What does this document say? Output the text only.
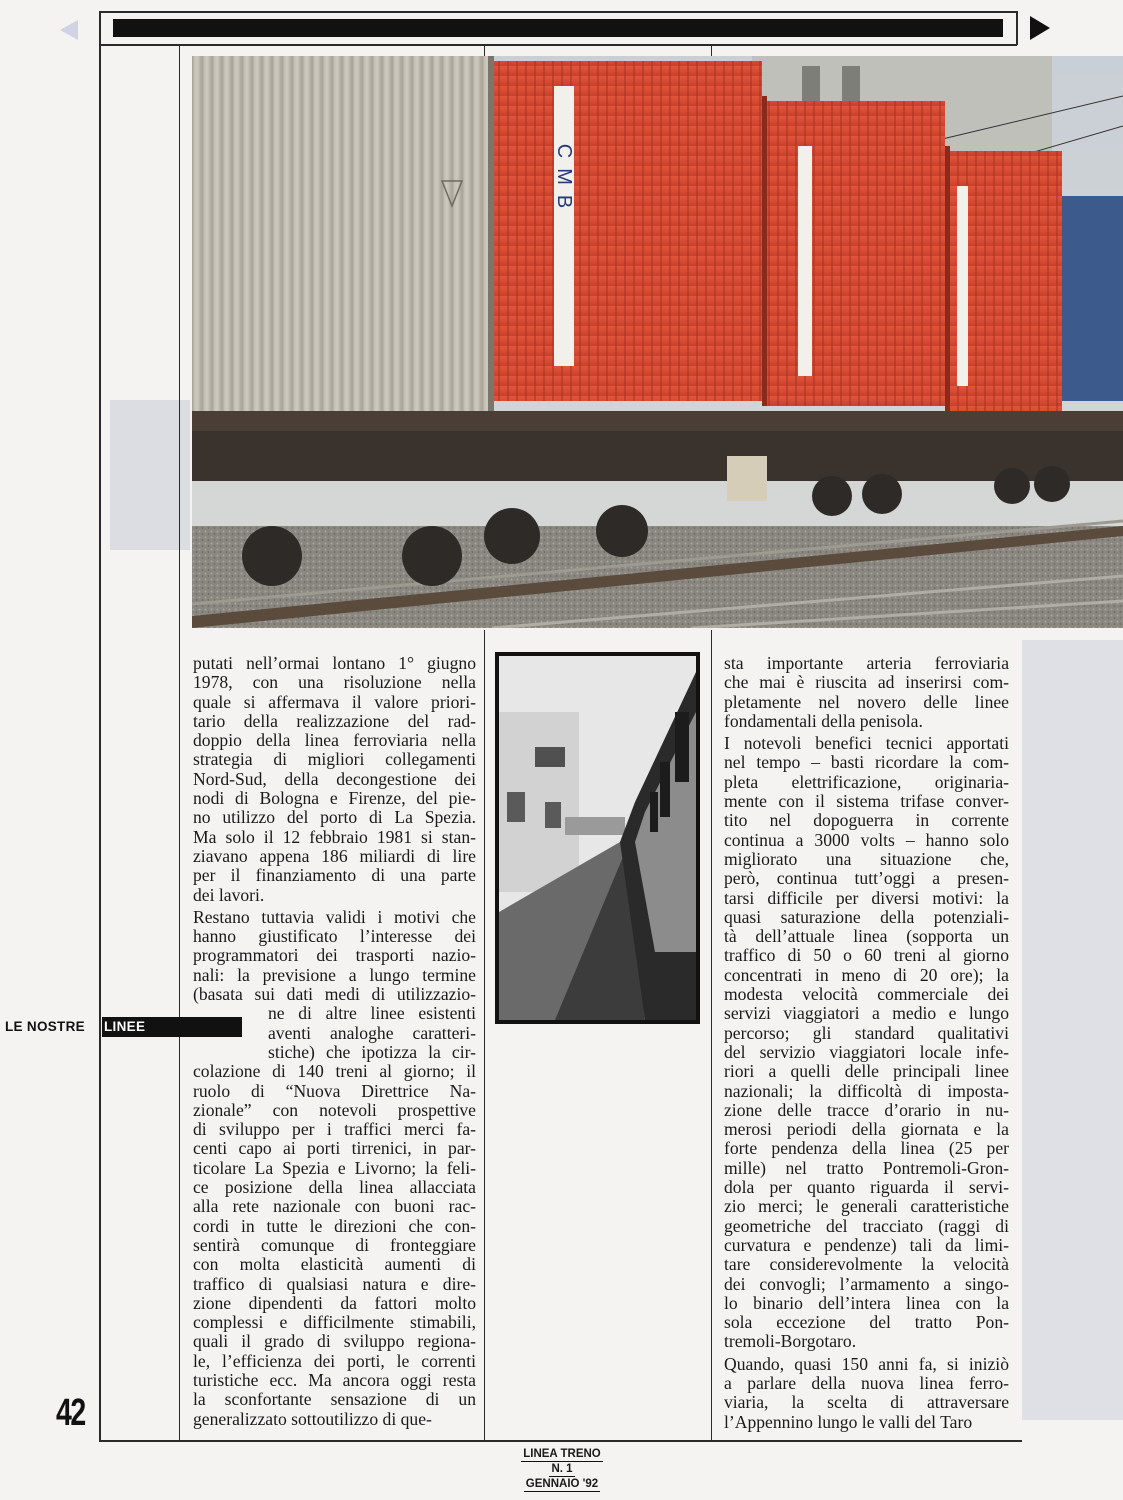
CMB
putati nell’ormai lontano 1° giugno
1978, con una risoluzione nella
quale si affermava il valore priori-
tario della realizzazione del rad-
doppio della linea ferroviaria nella
strategia di migliori collegamenti
Nord-Sud, della decongestione dei
nodi di Bologna e Firenze, del pie-
no utilizzo del porto di La Spezia.
Ma solo il 12 febbraio 1981 si stan-
ziavano appena 186 miliardi di lire
per il finanziamento di una parte
dei lavori.
Restano tuttavia validi i motivi che
hanno giustificato l’interesse dei
programmatori dei trasporti nazio-
nali: la previsione a lungo termine
(basata sui dati medi di utilizzazio-
ne di altre linee esistenti
aventi analoghe caratteri-
stiche) che ipotizza la cir-
colazione di 140 treni al giorno; il
ruolo di “Nuova Direttrice Na-
zionale” con notevoli prospettive
di sviluppo per i traffici merci fa-
centi capo ai porti tirrenici, in par-
ticolare La Spezia e Livorno; la feli-
ce posizione della linea allacciata
alla rete nazionale con buoni rac-
cordi in tutte le direzioni che con-
sentirà comunque di fronteggiare
con molta elasticità aumenti di
traffico di qualsiasi natura e dire-
zione dipendenti da fattori molto
complessi e difficilmente stimabili,
quali il grado di sviluppo regiona-
le, l’efficienza dei porti, le correnti
turistiche ecc. Ma ancora oggi resta
la sconfortante sensazione di un
generalizzato sottoutilizzo di que-
sta importante arteria ferroviaria
che mai è riuscita ad inserirsi com-
pletamente nel novero delle linee
fondamentali della penisola.
I notevoli benefici tecnici apportati
nel tempo – basti ricordare la com-
pleta elettrificazione, originaria-
mente con il sistema trifase conver-
tito nel dopoguerra in corrente
continua a 3000 volts – hanno solo
migliorato una situazione che,
però, continua tutt’oggi a presen-
tarsi difficile per diversi motivi: la
quasi saturazione della potenziali-
tà dell’attuale linea (sopporta un
traffico di 50 o 60 treni al giorno
concentrati in meno di 20 ore); la
modesta velocità commerciale dei
servizi viaggiatori a medio e lungo
percorso; gli standard qualitativi
del servizio viaggiatori locale infe-
riori a quelli delle principali linee
nazionali; la difficoltà di imposta-
zione delle tracce d’orario in nu-
merosi periodi della giornata e la
forte pendenza della linea (25 per
mille) nel tratto Pontremoli-Gron-
dola per quanto riguarda il servi-
zio merci; le generali caratteristiche
geometriche del tracciato (raggi di
curvatura e pendenze) tali da limi-
tare considerevolmente la velocità
dei convogli; l’armamento a singo-
lo binario dell’intera linea con la
sola eccezione del tratto Pon-
tremoli-Borgotaro.
Quando, quasi 150 anni fa, si iniziò
a parlare della nuova linea ferro-
viaria, la scelta di attraversare
l’Appennino lungo le valli del Taro
LE NOSTRE LINEE
42
LINEA TRENO
N. 1
GENNAIO '92
